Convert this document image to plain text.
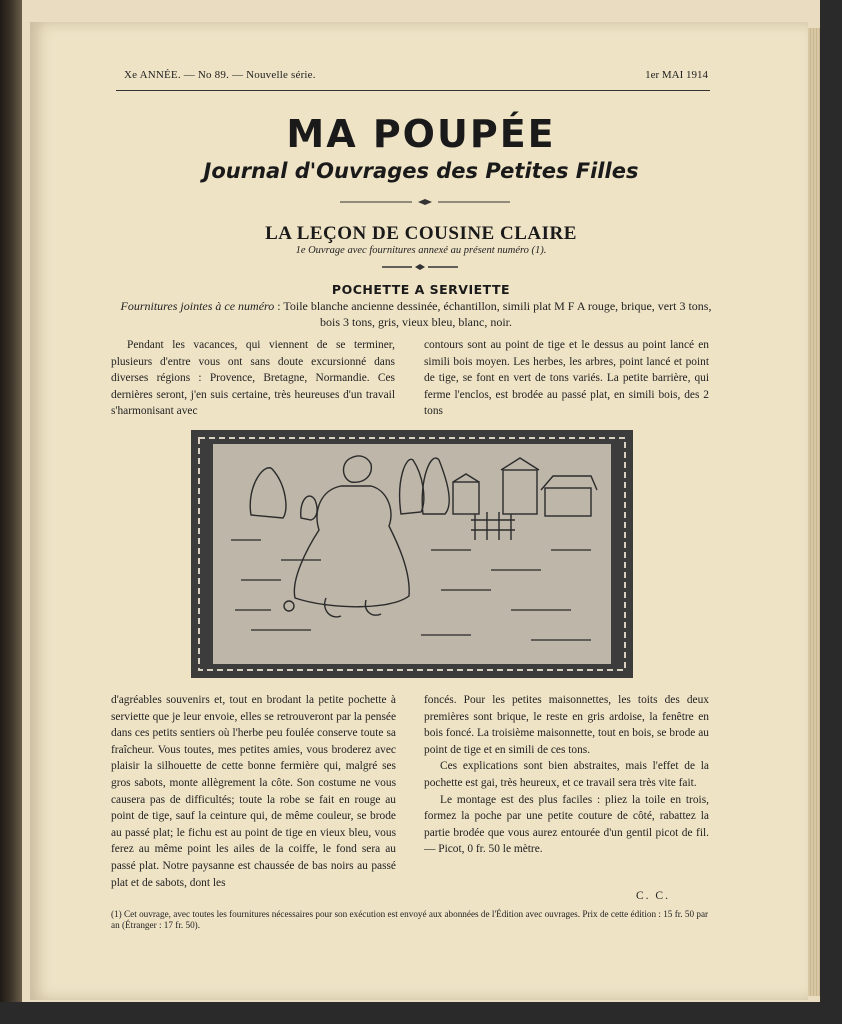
Xe ANNÉE. — No 89. — Nouvelle série.	1er MAI 1914
MA POUPÉE
Journal d'Ouvrages des Petites Filles
LA LEÇON DE COUSINE CLAIRE
1e Ouvrage avec fournitures annexé au présent numéro (1).
POCHETTE A SERVIETTE
Fournitures jointes à ce numéro : Toile blanche ancienne dessinée, échantillon, simili plat M F A rouge, brique, vert 3 tons, bois 3 tons, gris, vieux bleu, blanc, noir.

Pendant les vacances, qui viennent de se terminer, plusieurs d'entre vous ont sans doute excursionné dans diverses régions : Provence, Bretagne, Normandie. Ces dernières seront, j'en suis certaine, très heureuses d'un travail s'harmonisant avec

contours sont au point de tige et le dessus au point lancé en simili bois moyen. Les herbes, les arbres, point lancé et point de tige, se font en vert de tons variés. La petite barrière, qui ferme l'enclos, est brodée au passé plat, en simili bois, des 2 tons

d'agréables souvenirs et, tout en brodant la petite pochette à serviette que je leur envoie, elles se retrouveront par la pensée dans ces petits sentiers où l'herbe peu foulée conserve toute sa fraîcheur. Vous toutes, mes petites amies, vous broderez avec plaisir la silhouette de cette bonne fermière qui, malgré ses gros sabots, monte allègrement la côte. Son costume ne vous causera pas de difficultés; toute la robe se fait en rouge au point de tige, sauf la ceinture qui, de même couleur, se brode au passé plat; le fichu est au point de tige en vieux bleu, vous ferez au même point les ailes de la coiffe, le fond sera au passé plat. Notre paysanne est chaussée de bas noirs au passé plat et de sabots, dont les

foncés. Pour les petites maisonnettes, les toits des deux premières sont brique, le reste en gris ardoise, la fenêtre en bois foncé. La troisième maisonnette, tout en bois, se brode au point de tige et en simili de ces tons.

Ces explications sont bien abstraites, mais l'effet de la pochette est gai, très heureux, et ce travail sera très vite fait.

Le montage est des plus faciles : pliez la toile en trois, formez la poche par une petite couture de côté, rabattez la partie brodée que vous aurez entourée d'un gentil picot de fil. — Picot, 0 fr. 50 le mètre.

C. C.
(1) Cet ouvrage, avec toutes les fournitures nécessaires pour son exécution est envoyé aux abonnées de l'Édition avec ouvrages. Prix de cette édition : 15 fr. 50 par an (Étranger : 17 fr. 50).
